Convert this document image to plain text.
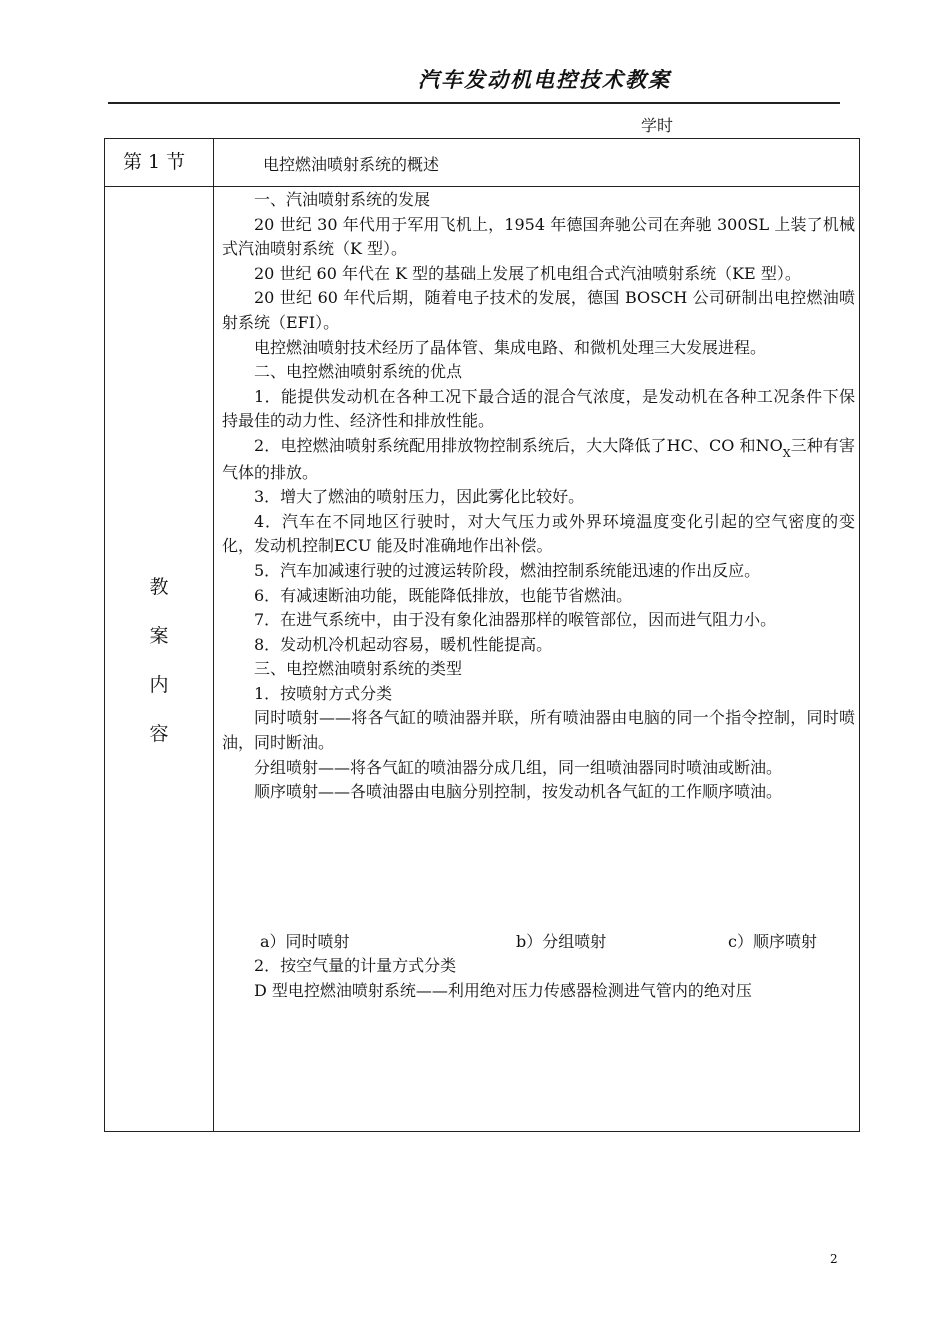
汽车发动机电控技术教案
学时
第 1 节	电控燃油喷射系统的概述
教
案
内
容

一、汽油喷射系统的发展

20 世纪 30 年代用于军用飞机上，1954 年德国奔驰公司在奔驰 300SL 上装了机械式汽油喷射系统（K 型）。

20 世纪 60 年代在 K 型的基础上发展了机电组合式汽油喷射系统（KE 型）。

20 世纪 60 年代后期，随着电子技术的发展，德国 BOSCH 公司研制出电控燃油喷射系统（EFI）。

电控燃油喷射技术经历了晶体管、集成电路、和微机处理三大发展进程。

二、电控燃油喷射系统的优点

1．能提供发动机在各种工况下最合适的混合气浓度，是发动机在各种工况条件下保持最佳的动力性、经济性和排放性能。

2．电控燃油喷射系统配用排放物控制系统后，大大降低了HC、CO 和$NO_X$三种有害气体的排放。

3．增大了燃油的喷射压力，因此雾化比较好。

4．汽车在不同地区行驶时，对大气压力或外界环境温度变化引起的空气密度的变化，发动机控制ECU 能及时准确地作出补偿。

5．汽车加减速行驶的过渡运转阶段，燃油控制系统能迅速的作出反应。

6．有减速断油功能，既能降低排放，也能节省燃油。

7．在进气系统中，由于没有象化油器那样的喉管部位，因而进气阻力小。

8．发动机冷机起动容易，暖机性能提高。

三、电控燃油喷射系统的类型

1．按喷射方式分类

同时喷射——将各气缸的喷油器并联，所有喷油器由电脑的同一个指令控制，同时喷油，同时断油。

分组喷射——将各气缸的喷油器分成几组，同一组喷油器同时喷油或断油。

顺序喷射——各喷油器由电脑分别控制，按发动机各气缸的工作顺序喷油。

a）同时喷射	b）分组喷射	c）顺序喷射

2．按空气量的计量方式分类

D 型电控燃油喷射系统——利用绝对压力传感器检测进气管内的绝对压

2
